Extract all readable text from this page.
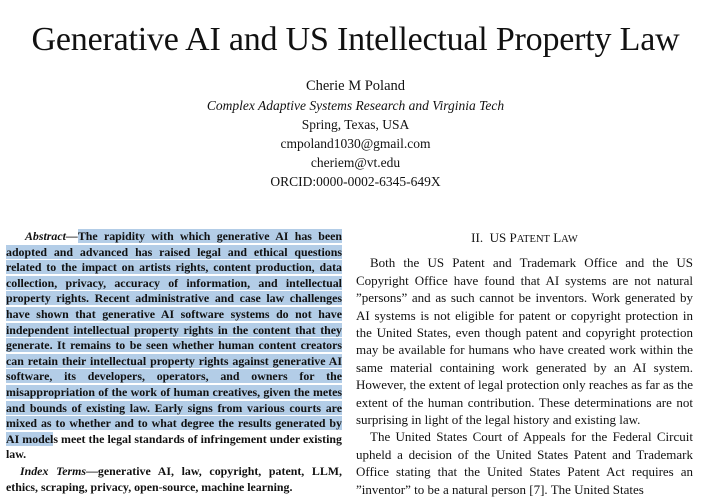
Generative AI and US Intellectual Property Law
Cherie M Poland
Complex Adaptive Systems Research and Virginia Tech
Spring, Texas, USA
cmpoland1030@gmail.com
cheriem@vt.edu
ORCID:0000-0002-6345-649X

Abstract—The rapidity with which generative AI has been adopted and advanced has raised legal and ethical questions related to the impact on artists rights, content production, data collection, privacy, accuracy of information, and intellectual property rights. Recent administrative and case law challenges have shown that generative AI software systems do not have independent intellectual property rights in the content that they generate. It remains to be seen whether human content creators can retain their intellectual property rights against generative AI software, its developers, operators, and owners for the misappropriation of the work of human creatives, given the metes and bounds of existing law. Early signs from various courts are mixed as to whether and to what degree the results generated by AI models meet the legal standards of infringement under existing law.

Index Terms—generative AI, law, copyright, patent, LLM, ethics, scraping, privacy, open-source, machine learning.

II. US PATENT LAW

Both the US Patent and Trademark Office and the US Copyright Office have found that AI systems are not natural ”persons” and as such cannot be inventors. Work generated by AI systems is not eligible for patent or copyright protection in the United States, even though patent and copyright protection may be available for humans who have created work within the same material containing work generated by an AI system. However, the extent of legal protection only reaches as far as the extent of the human contribution. These determinations are not surprising in light of the legal history and existing law.

The United States Court of Appeals for the Federal Circuit upheld a decision of the United States Patent and Trademark Office stating that the United States Patent Act requires an ”inventor” to be a natural person [7]. The United States
